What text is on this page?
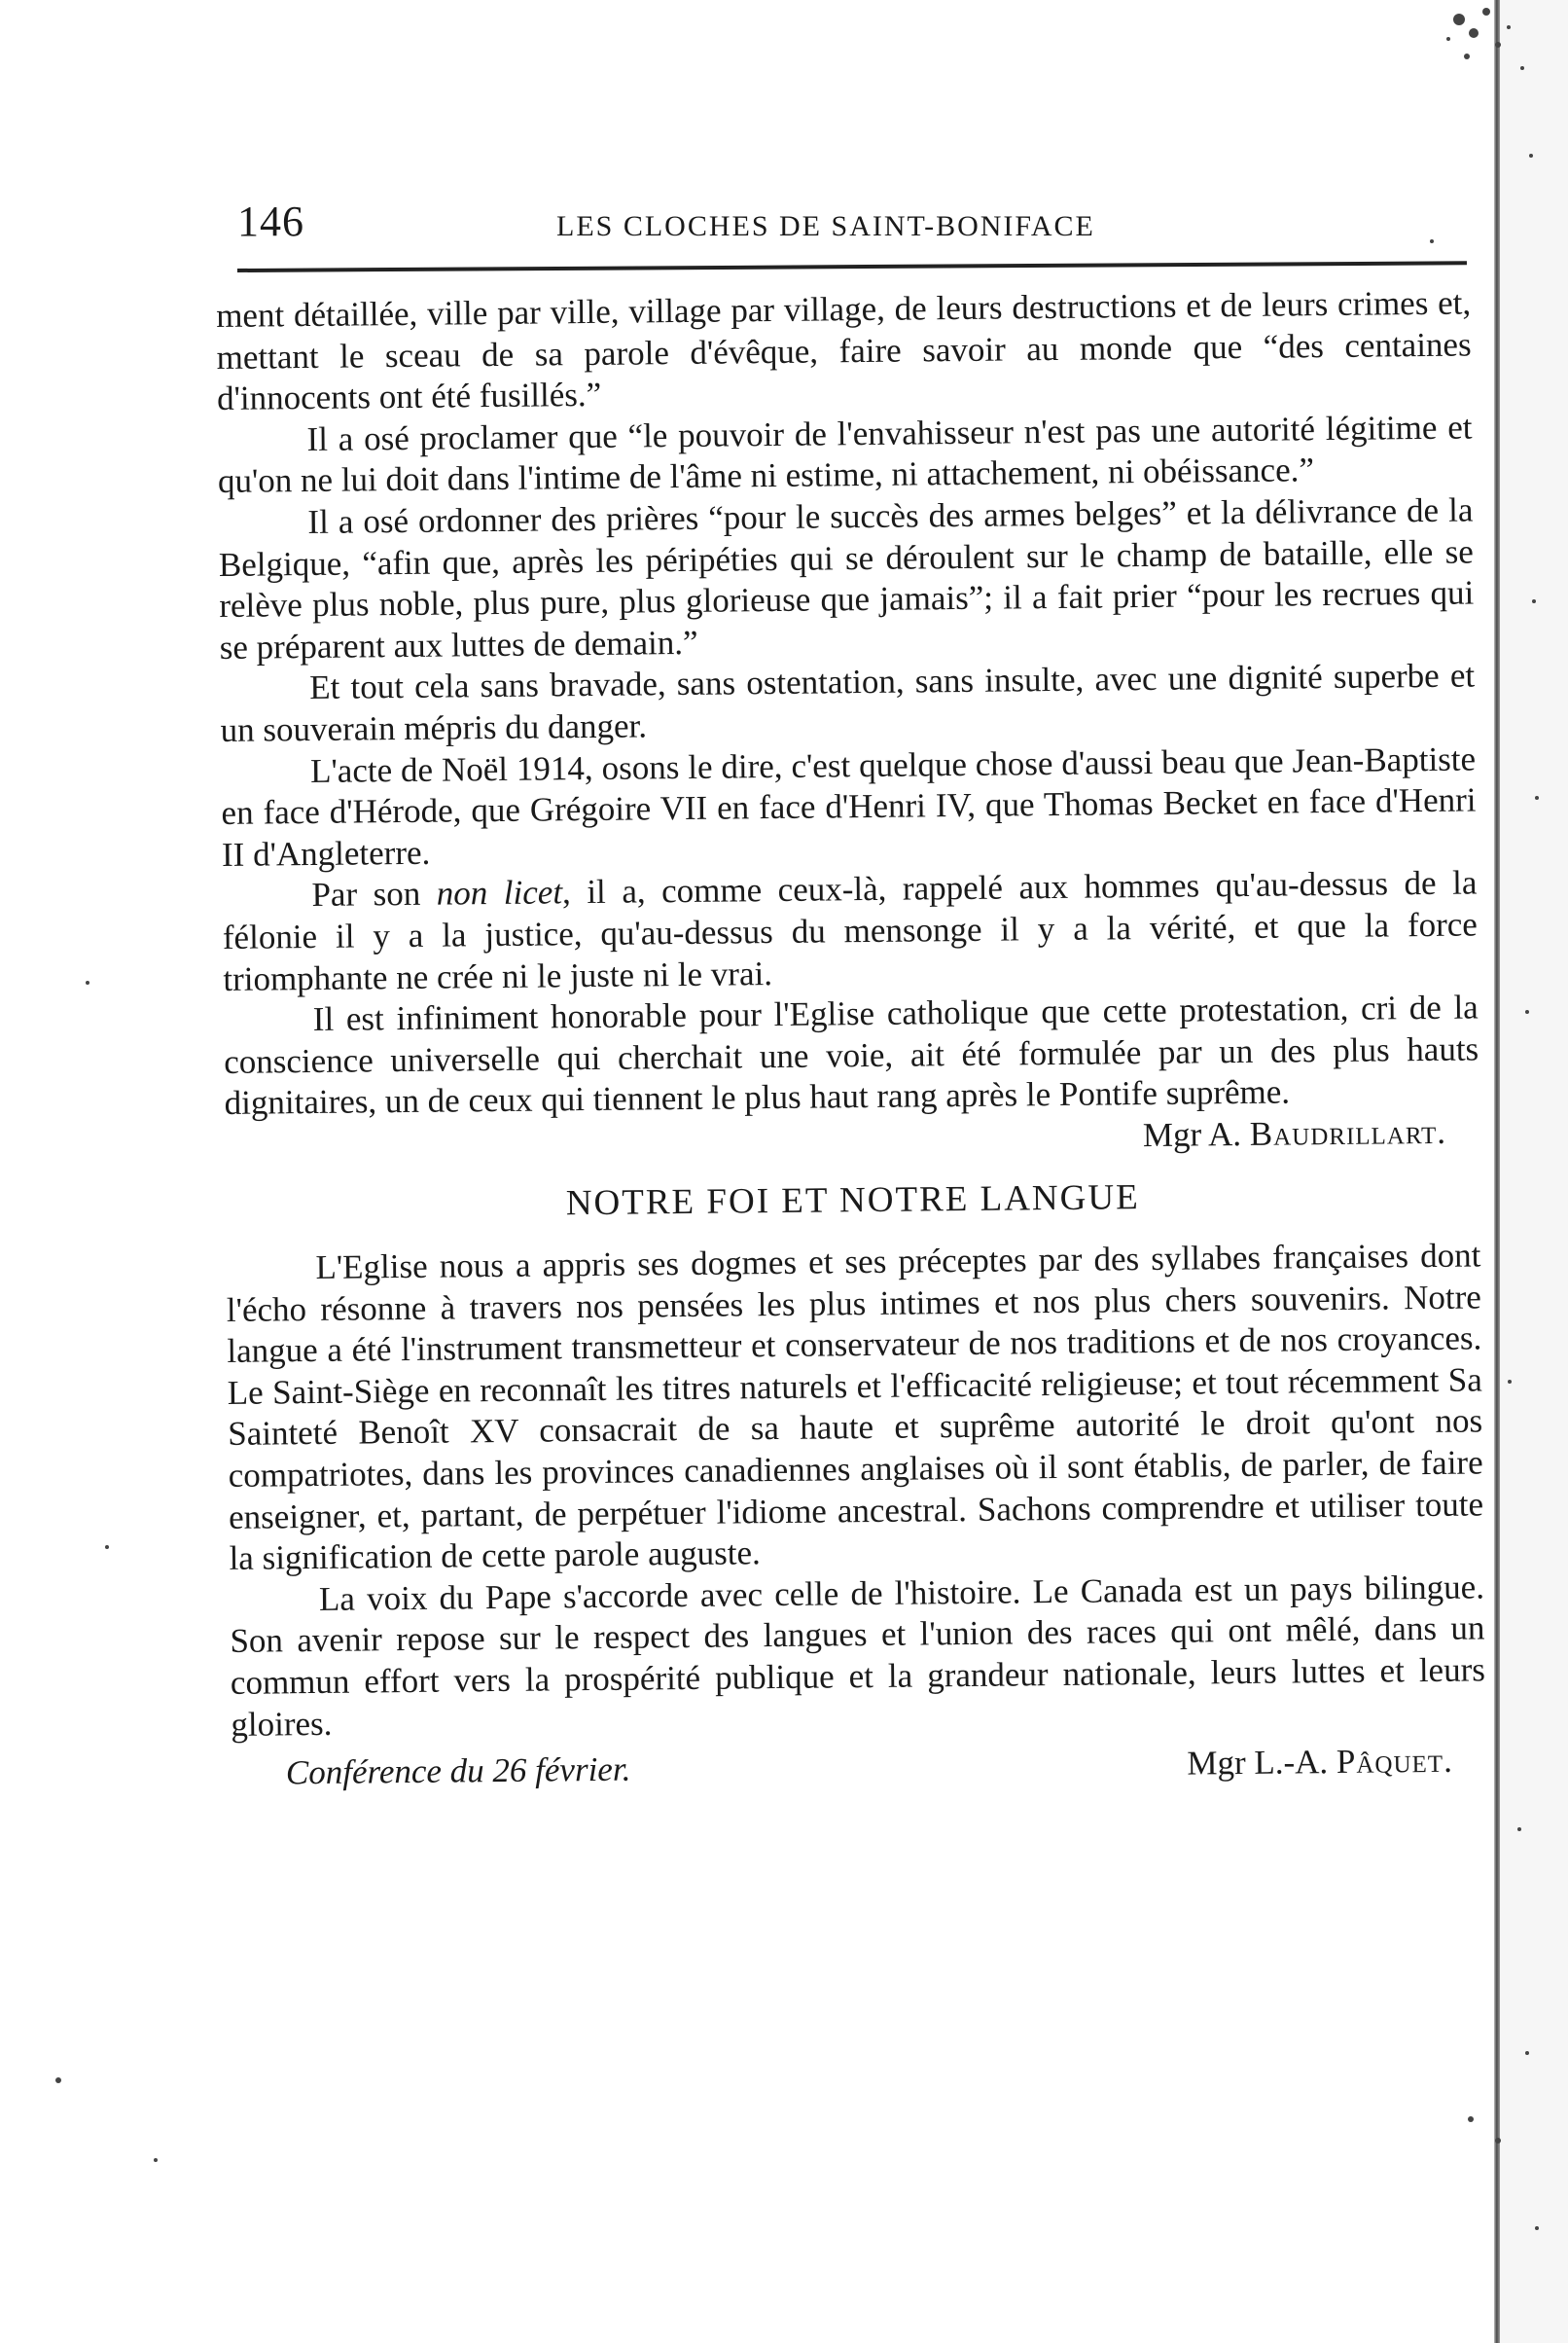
146	LES CLOCHES DE SAINT-BONIFACE

ment détaillée, ville par ville, village par village, de leurs destructions et de leurs crimes et, mettant le sceau de sa parole d'évêque, faire savoir au monde que “des centaines d'innocents ont été fusillés.”

Il a osé proclamer que “le pouvoir de l'envahisseur n'est pas une autorité légitime et qu'on ne lui doit dans l'intime de l'âme ni estime, ni attachement, ni obéissance.”

Il a osé ordonner des prières “pour le succès des armes belges” et la délivrance de la Belgique, “afin que, après les péripéties qui se déroulent sur le champ de bataille, elle se relève plus noble, plus pure, plus glorieuse que jamais”; il a fait prier “pour les recrues qui se préparent aux luttes de demain.”

Et tout cela sans bravade, sans ostentation, sans insulte, avec une dignité superbe et un souverain mépris du danger.

L'acte de Noël 1914, osons le dire, c'est quelque chose d'aussi beau que Jean-Baptiste en face d'Hérode, que Grégoire VII en face d'Henri IV, que Thomas Becket en face d'Henri II d'Angleterre.

Par son non licet, il a, comme ceux-là, rappelé aux hommes qu'au-dessus de la félonie il y a la justice, qu'au-dessus du mensonge il y a la vérité, et que la force triomphante ne crée ni le juste ni le vrai.

Il est infiniment honorable pour l'Eglise catholique que cette protestation, cri de la conscience universelle qui cherchait une voie, ait été formulée par un des plus hauts dignitaires, un de ceux qui tiennent le plus haut rang après le Pontife suprême.

Mgr A. Baudrillart.

NOTRE FOI ET NOTRE LANGUE

L'Eglise nous a appris ses dogmes et ses préceptes par des syllabes françaises dont l'écho résonne à travers nos pensées les plus intimes et nos plus chers souvenirs. Notre langue a été l'instrument transmetteur et conservateur de nos traditions et de nos croyances. Le Saint-Siège en reconnaît les titres naturels et l'efficacité religieuse; et tout récemment Sa Sainteté Benoît XV consacrait de sa haute et suprême autorité le droit qu'ont nos compatriotes, dans les provinces canadiennes anglaises où il sont établis, de parler, de faire enseigner, et, partant, de perpétuer l'idiome ancestral. Sachons comprendre et utiliser toute la signification de cette parole auguste.

La voix du Pape s'accorde avec celle de l'histoire. Le Canada est un pays bilingue. Son avenir repose sur le respect des langues et l'union des races qui ont mêlé, dans un commun effort vers la prospérité publique et la grandeur nationale, leurs luttes et leurs gloires.

Conférence du 26 février.	Mgr L.-A. Pâquet.
